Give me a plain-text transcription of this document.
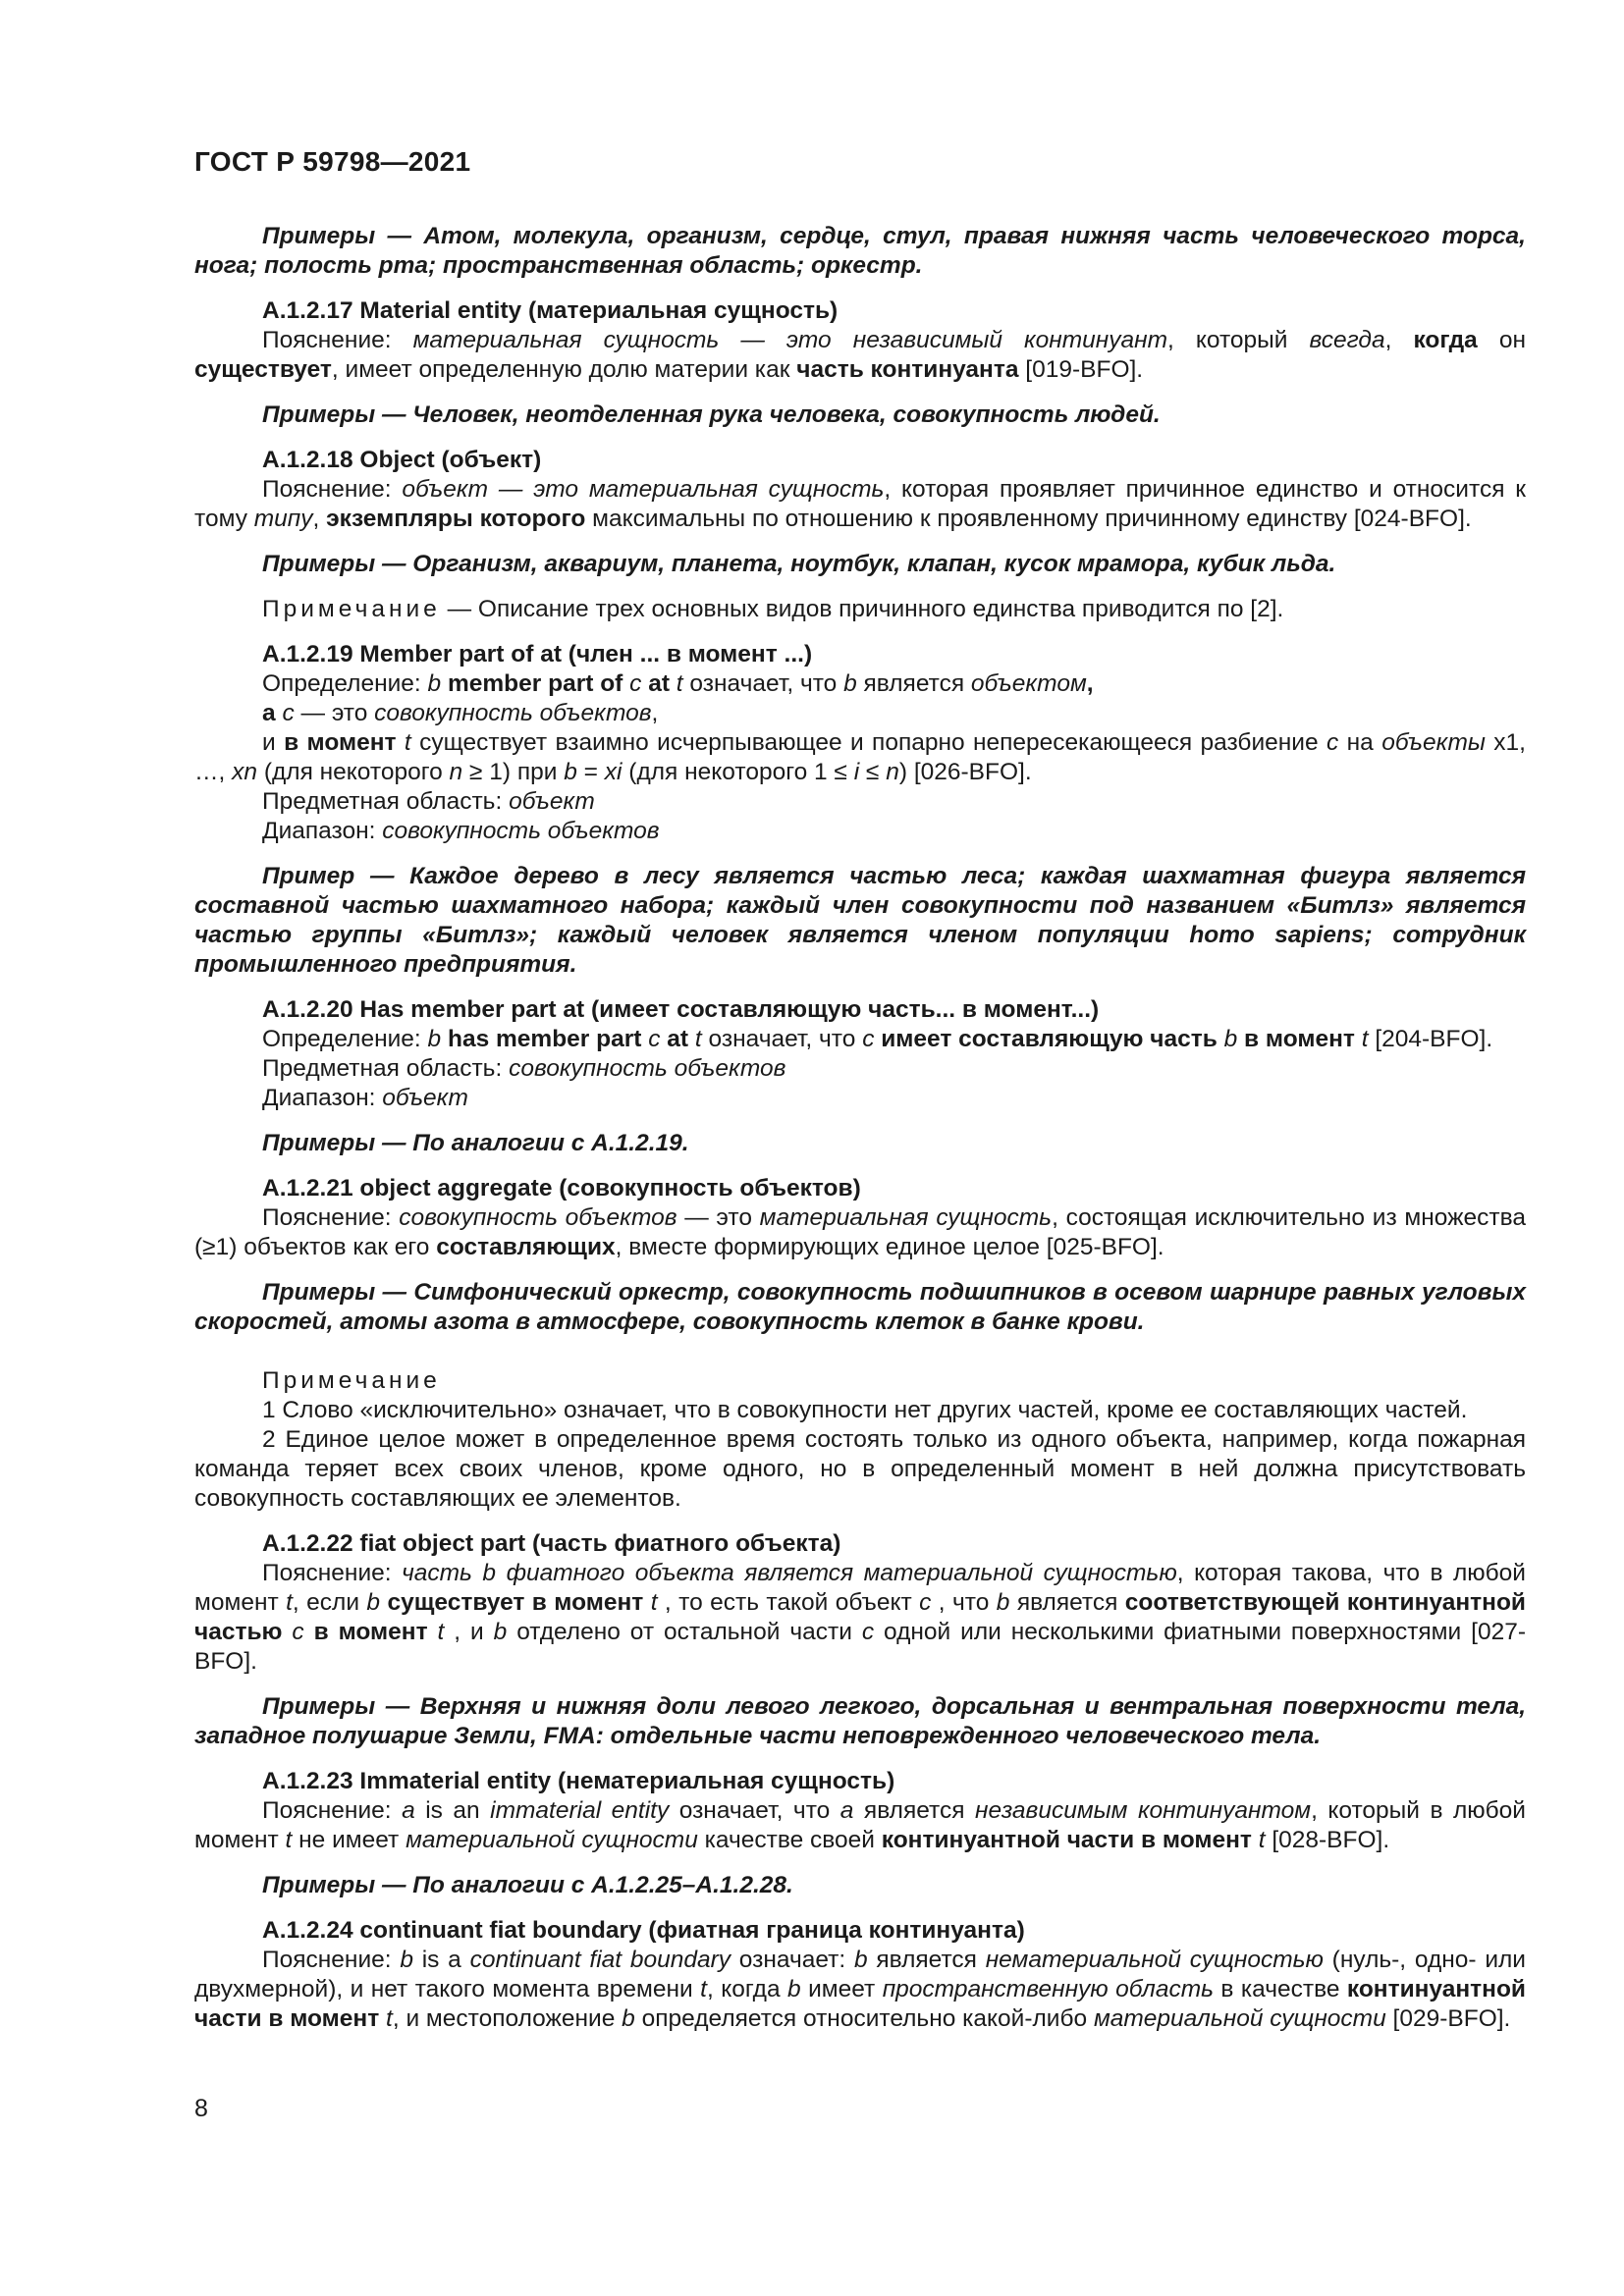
ГОСТ Р 59798—2021

Примеры — Атом, молекула, организм, сердце, стул, правая нижняя часть человеческого торса, нога; полость рта; пространственная область; оркестр.

А.1.2.17 Material entity (материальная сущность)

Пояснение: материальная сущность — это независимый континуант, который всегда, когда он существует, имеет определенную долю материи как часть континуанта [019-BFO].

Примеры — Человек, неотделенная рука человека, совокупность людей.

А.1.2.18 Object (объект)

Пояснение: объект — это материальная сущность, которая проявляет причинное единство и относится к тому типу, экземпляры которого максимальны по отношению к проявленному причинному единству [024-BFO].

Примеры — Организм, аквариум, планета, ноутбук, клапан, кусок мрамора, кубик льда.

Примечание — Описание трех основных видов причинного единства приводится по [2].

А.1.2.19 Member part of at (член ... в момент ...)

Определение: b member part of c at t означает, что b является объектом,

а с — это совокупность объектов,

и в момент t существует взаимно исчерпывающее и попарно непересекающееся разбиение c на объекты x1, …, xn (для некоторого n ≥ 1) при b = xi (для некоторого 1 ≤ i ≤ n) [026-BFO].

Предметная область: объект

Диапазон: совокупность объектов

Пример — Каждое дерево в лесу является частью леса; каждая шахматная фигура является составной частью шахматного набора; каждый член совокупности под названием «Битлз» является частью группы «Битлз»; каждый человек является членом популяции hото sapiens; сотрудник промышленного предприятия.

А.1.2.20 Has member part at (имеет составляющую часть... в момент...)

Определение: b has member part c at t означает, что c имеет составляющую часть b в момент t [204-BFO].

Предметная область: совокупность объектов

Диапазон: объект

Примеры — По аналогии с А.1.2.19.

А.1.2.21 object aggregate (совокупность объектов)

Пояснение: совокупность объектов — это материальная сущность, состоящая исключительно из множества (≥1) объектов как его составляющих, вместе формирующих единое целое [025-BFO].

Примеры — Симфонический оркестр, совокупность подшипников в осевом шарнире равных угловых скоростей, атомы азота в атмосфере, совокупность клеток в банке крови.

Примечание

1 Слово «исключительно» означает, что в совокупности нет других частей, кроме ее составляющих частей.

2 Единое целое может в определенное время состоять только из одного объекта, например, когда пожарная команда теряет всех своих членов, кроме одного, но в определенный момент в ней должна присутствовать совокупность составляющих ее элементов.

А.1.2.22 fiat object part (часть фиатного объекта)

Пояснение: часть b фиатного объекта является материальной сущностью, которая такова, что в любой момент t, если b существует в момент t , то есть такой объект c , что b является соответствующей континуантной частью c в момент t , и b отделено от остальной части c одной или несколькими фиатными поверхностями [027-BFO].

Примеры — Верхняя и нижняя доли левого легкого, дорсальная и вентральная поверхности тела, западное полушарие Земли, FMA: отдельные части неповрежденного человеческого тела.

А.1.2.23 Immaterial entity (нематериальная сущность)

Пояснение: а is an immaterial entity означает, что а является независимым континуантом, который в любой момент t не имеет материальной сущности качестве своей континуантной части в момент t [028-BFO].

Примеры — По аналогии с А.1.2.25–А.1.2.28.

А.1.2.24 continuant fiat boundary (фиатная граница континуанта)

Пояснение: b is a continuant fiat boundary означает: b является нематериальной сущностью (нуль-, одно- или двухмерной), и нет такого момента времени t, когда b имеет пространственную область в качестве континуантной части в момент t, и местоположение b определяется относительно какой-либо материальной сущности [029-BFO].

8
